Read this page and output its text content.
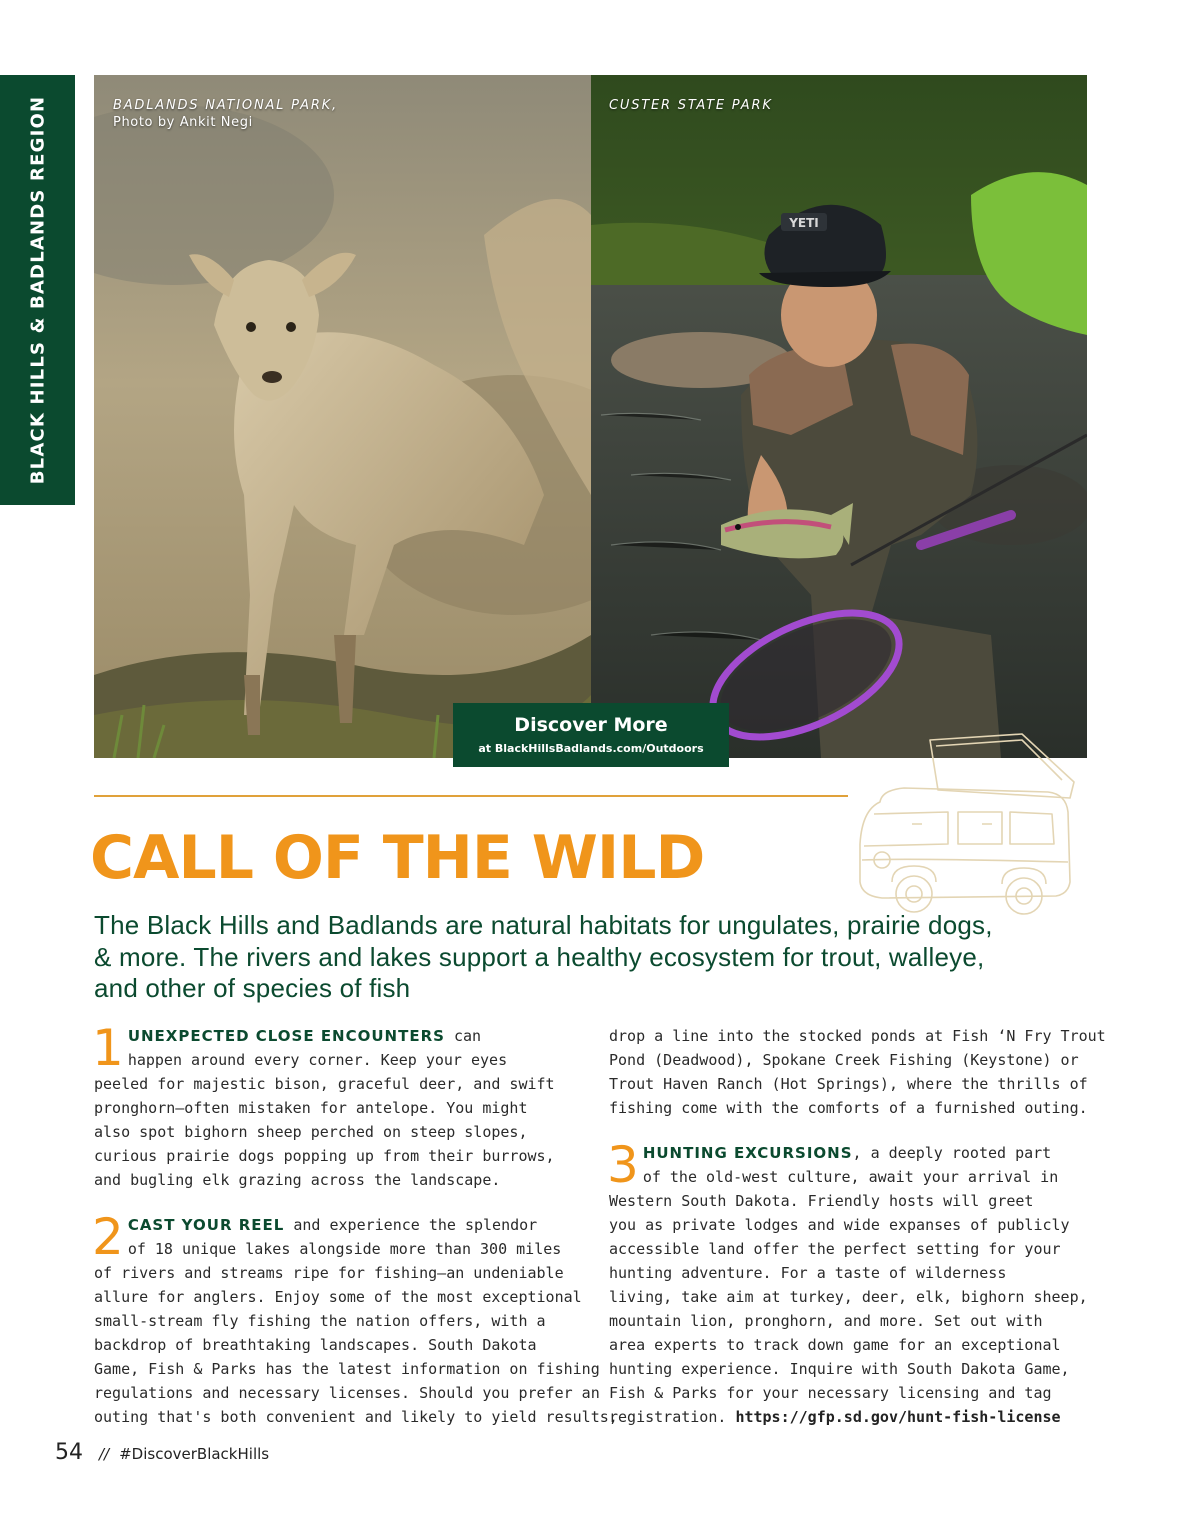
BLACK HILLS & BADLANDS REGION	BADLANDS NATIONAL PARK,
Photo by Ankit Negi
YETI
CUSTER STATE PARK
Discover More
at BlackHillsBadlands.com/Outdoors
CALL OF THE WILD

The Black Hills and Badlands are natural habitats for ungulates, prairie dogs, & more. The rivers and lakes support a healthy ecosystem for trout, walleye, and other of species of fish

1 UNEXPECTED CLOSE ENCOUNTERS can

happen around every corner. Keep your eyes

peeled for majestic bison, graceful deer, and swift

pronghorn—often mistaken for antelope. You might

also spot bighorn sheep perched on steep slopes,

curious prairie dogs popping up from their burrows,

and bugling elk grazing across the landscape.

2 CAST YOUR REEL and experience the splendor

of 18 unique lakes alongside more than 300 miles

of rivers and streams ripe for fishing—an undeniable

allure for anglers. Enjoy some of the most exceptional

small-stream fly fishing the nation offers, with a

backdrop of breathtaking landscapes. South Dakota

Game, Fish & Parks has the latest information on fishing

regulations and necessary licenses. Should you prefer an

outing that's both convenient and likely to yield results,

drop a line into the stocked ponds at Fish ‘N Fry Trout

Pond (Deadwood), Spokane Creek Fishing (Keystone) or

Trout Haven Ranch (Hot Springs), where the thrills of

fishing come with the comforts of a furnished outing.

3 HUNTING EXCURSIONS, a deeply rooted part

of the old-west culture, await your arrival in

Western South Dakota. Friendly hosts will greet

you as private lodges and wide expanses of publicly

accessible land offer the perfect setting for your

hunting adventure. For a taste of wilderness

living, take aim at turkey, deer, elk, bighorn sheep,

mountain lion, pronghorn, and more. Set out with

area experts to track down game for an exceptional

hunting experience. Inquire with South Dakota Game,

Fish & Parks for your necessary licensing and tag

registration. https://gfp.sd.gov/hunt-fish-license

54 // #DiscoverBlackHills
